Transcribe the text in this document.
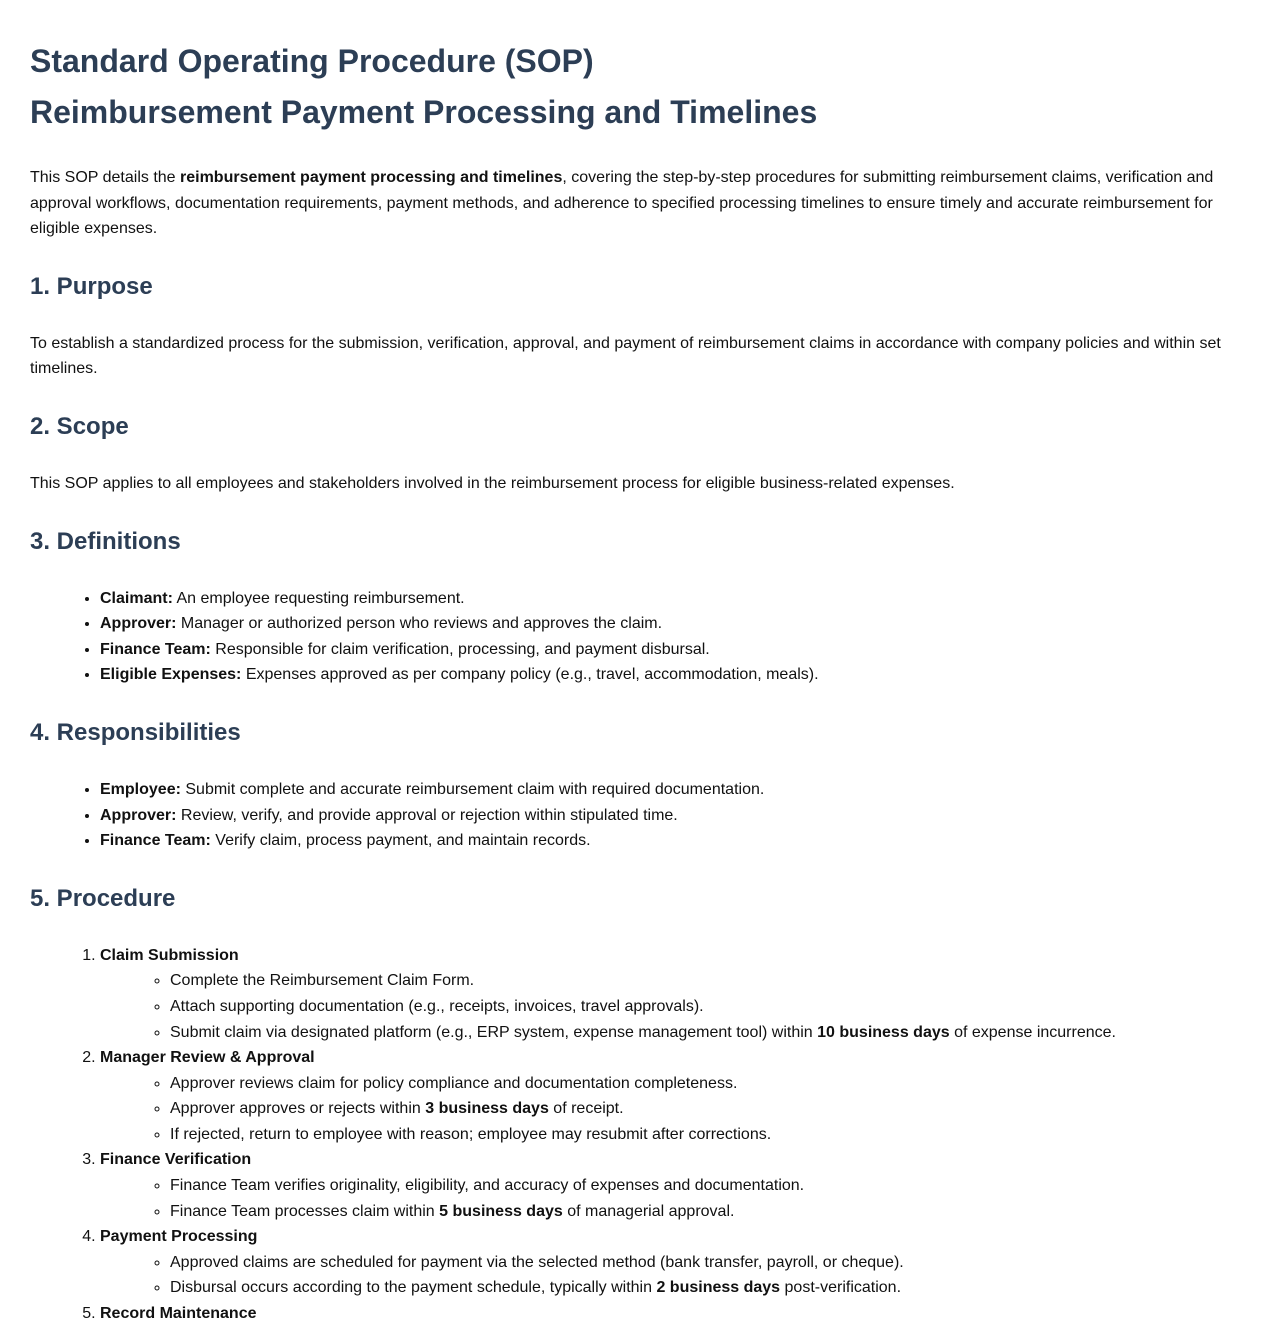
Standard Operating Procedure (SOP)
Reimbursement Payment Processing and Timelines

This SOP details the reimbursement payment processing and timelines, covering the step-by-step procedures for submitting reimbursement claims, verification and approval workflows, documentation requirements, payment methods, and adherence to specified processing timelines to ensure timely and accurate reimbursement for eligible expenses.

1. Purpose

To establish a standardized process for the submission, verification, approval, and payment of reimbursement claims in accordance with company policies and within set timelines.

2. Scope

This SOP applies to all employees and stakeholders involved in the reimbursement process for eligible business-related expenses.

3. Definitions
• Claimant: An employee requesting reimbursement.
• Approver: Manager or authorized person who reviews and approves the claim.
• Finance Team: Responsible for claim verification, processing, and payment disbursal.
• Eligible Expenses: Expenses approved as per company policy (e.g., travel, accommodation, meals).
4. Responsibilities
• Employee: Submit complete and accurate reimbursement claim with required documentation.
• Approver: Review, verify, and provide approval or rejection within stipulated time.
• Finance Team: Verify claim, process payment, and maintain records.
5. Procedure
1. Claim Submission
◦ Complete the Reimbursement Claim Form.
◦ Attach supporting documentation (e.g., receipts, invoices, travel approvals).
◦ Submit claim via designated platform (e.g., ERP system, expense management tool) within 10 business days of expense incurrence.
2. Manager Review & Approval
◦ Approver reviews claim for policy compliance and documentation completeness.
◦ Approver approves or rejects within 3 business days of receipt.
◦ If rejected, return to employee with reason; employee may resubmit after corrections.
3. Finance Verification
◦ Finance Team verifies originality, eligibility, and accuracy of expenses and documentation.
◦ Finance Team processes claim within 5 business days of managerial approval.
4. Payment Processing
◦ Approved claims are scheduled for payment via the selected method (bank transfer, payroll, or cheque).
◦ Disbursal occurs according to the payment schedule, typically within 2 business days post-verification.
5. Record Maintenance
